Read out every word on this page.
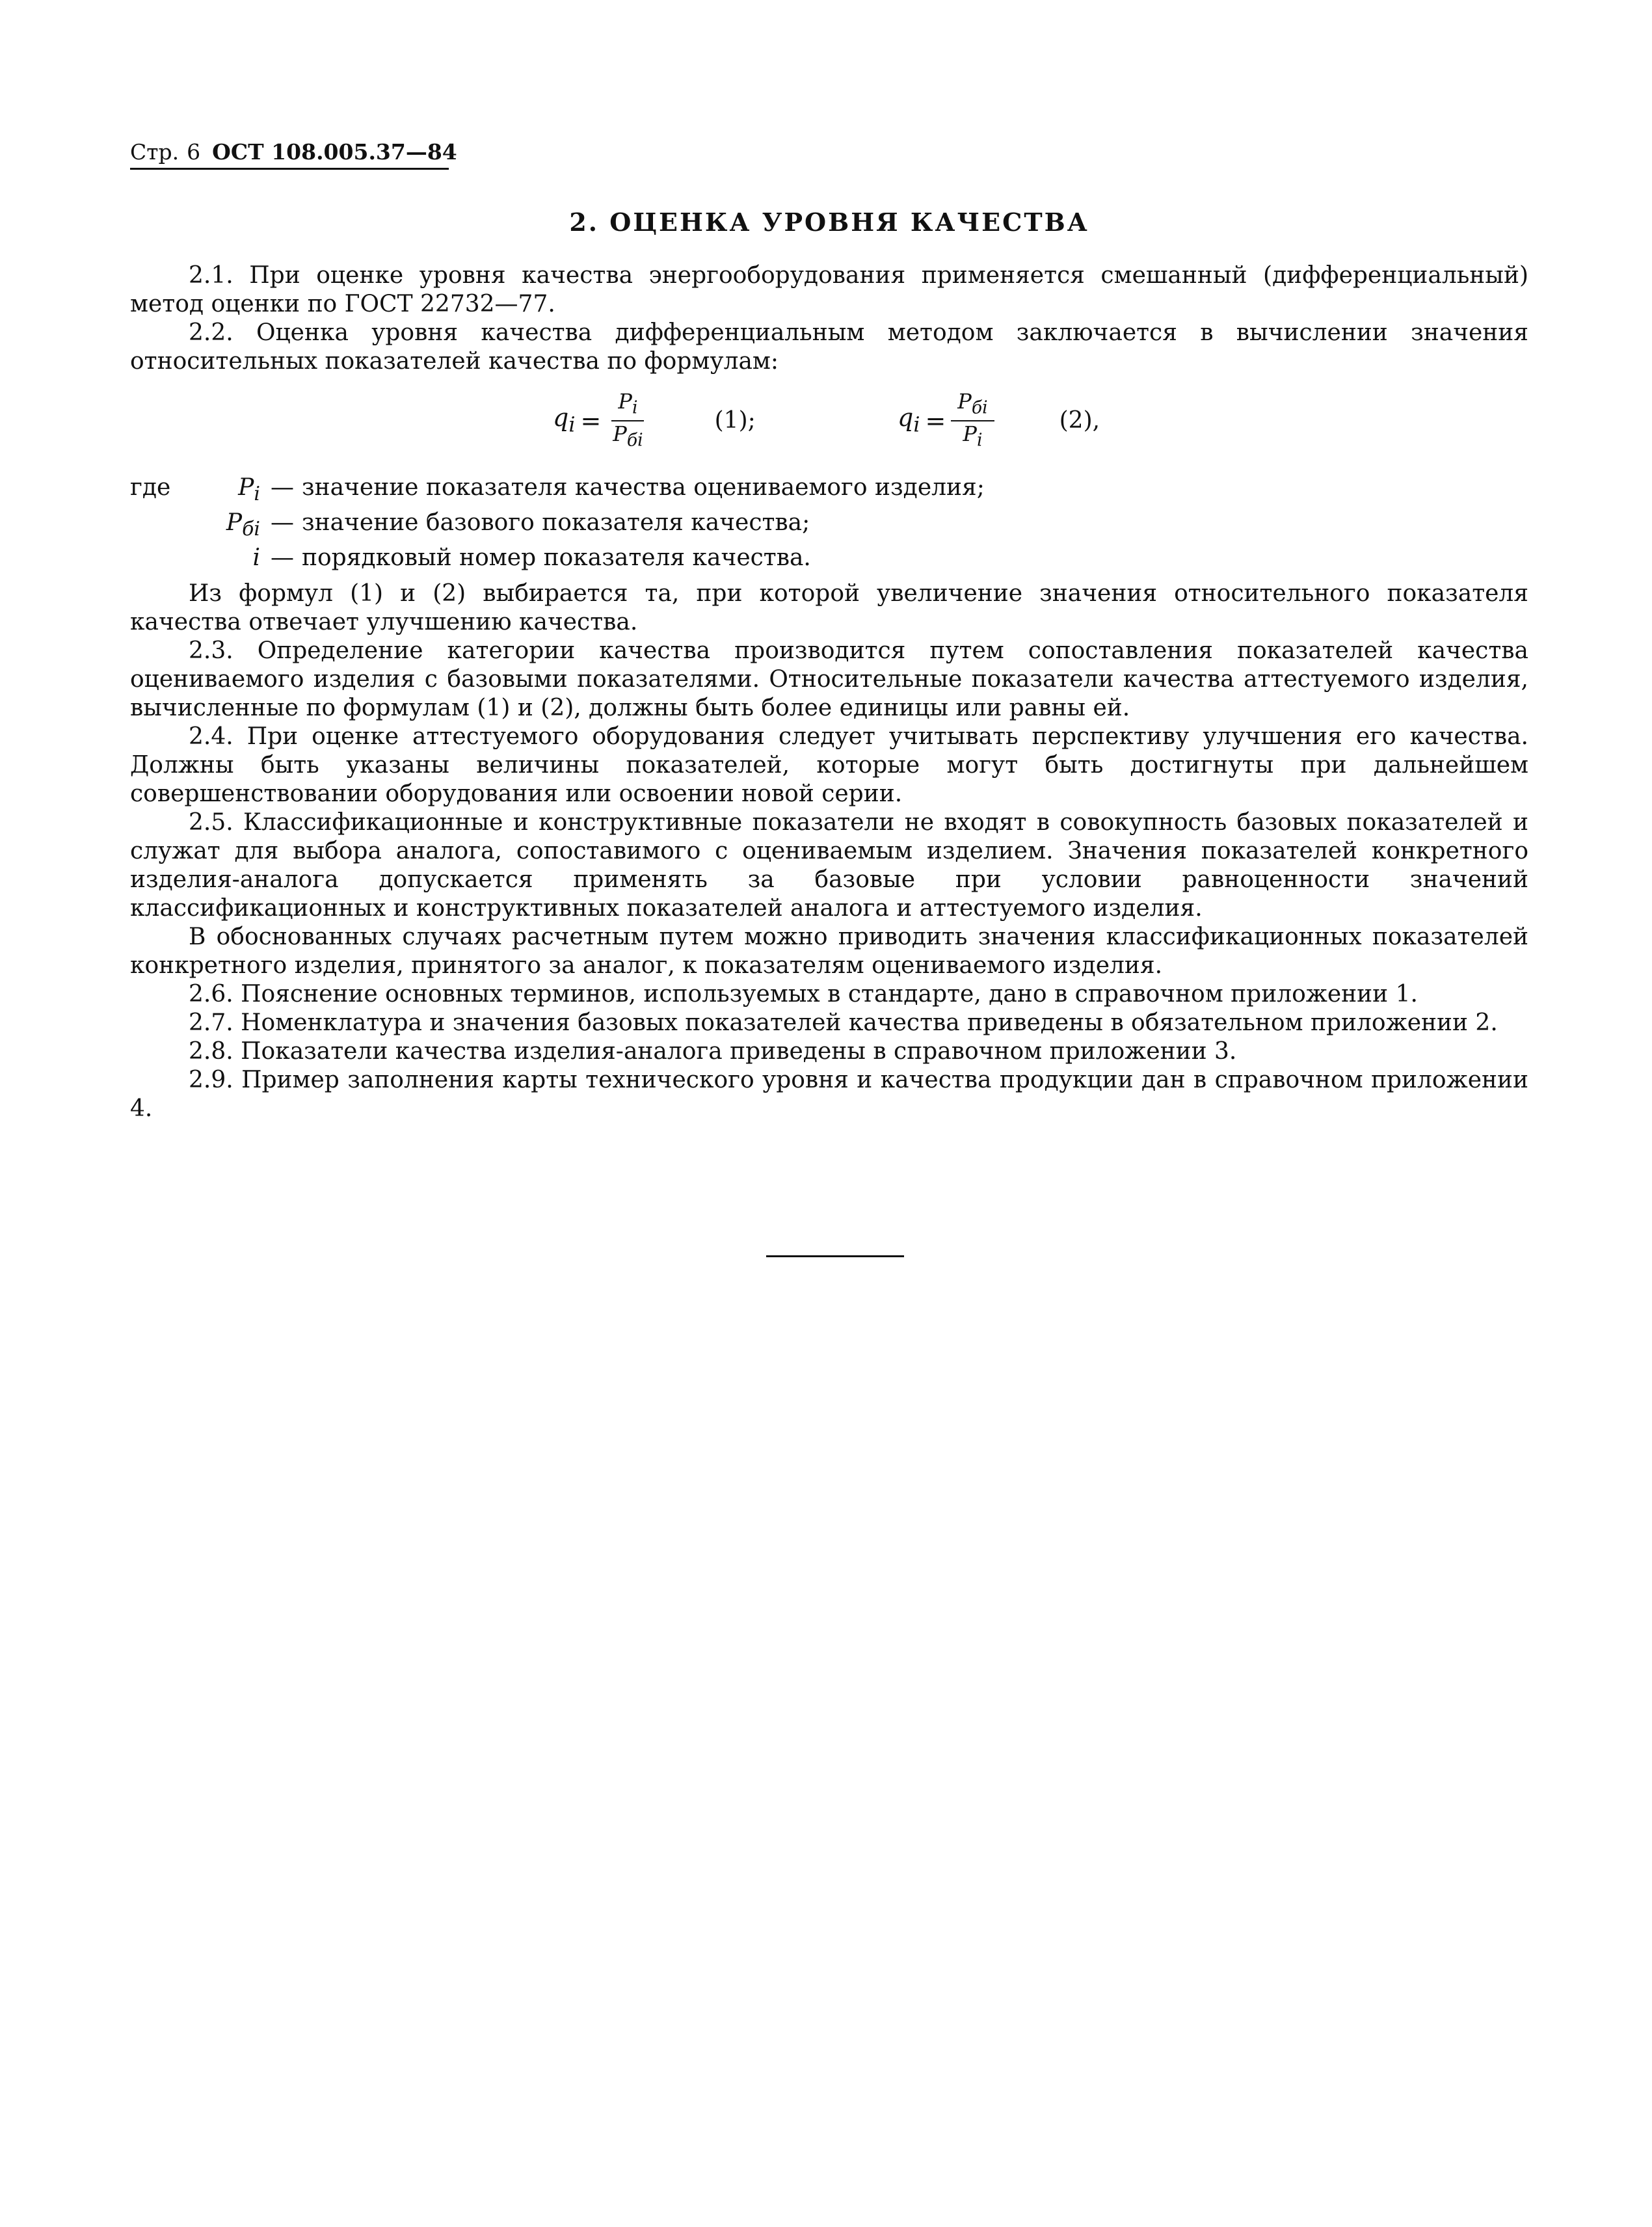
Стр. 6 ОСТ 108.005.37—84
2. ОЦЕНКА УРОВНЯ КАЧЕСТВА

2.1. При оценке уровня качества энергооборудования применяется смешанный (дифференциальный) метод оценки по ГОСТ 22732—77.

2.2. Оценка уровня качества дифференциальным методом заключается в вычислении значения относительных показателей качества по формулам:

$q_i = \frac{P_i}{P_{бi}}$	(1);	$q_i = \frac{P_{бi}}{P_i}$	(2),
где	$P_i$ — значение показателя качества оцениваемого изделия;
$P_{бi}$ — значение базового показателя качества;
i — порядковый номер показателя качества.

Из формул (1) и (2) выбирается та, при которой увеличение значения относительного показателя качества отвечает улучшению качества.

2.3. Определение категории качества производится путем сопоставления показателей качества оцениваемого изделия с базовыми показателями. Относительные показатели качества аттестуемого изделия, вычисленные по формулам (1) и (2), должны быть более единицы или равны ей.

2.4. При оценке аттестуемого оборудования следует учитывать перспективу улучшения его качества. Должны быть указаны величины показателей, которые могут быть достигнуты при дальнейшем совершенствовании оборудования или освоении новой серии.

2.5. Классификационные и конструктивные показатели не входят в совокупность базовых показателей и служат для выбора аналога, сопоставимого с оцениваемым изделием. Значения показателей конкретного изделия-аналога допускается применять за базовые при условии равноценности значений классификационных и конструктивных показателей аналога и аттестуемого изделия.

В обоснованных случаях расчетным путем можно приводить значения классификационных показателей конкретного изделия, принятого за аналог, к показателям оцениваемого изделия.

2.6. Пояснение основных терминов, используемых в стандарте, дано в справочном приложении 1.

2.7. Номенклатура и значения базовых показателей качества приведены в обязательном приложении 2.

2.8. Показатели качества изделия-аналога приведены в справочном приложении 3.

2.9. Пример заполнения карты технического уровня и качества продукции дан в справочном приложении 4.
